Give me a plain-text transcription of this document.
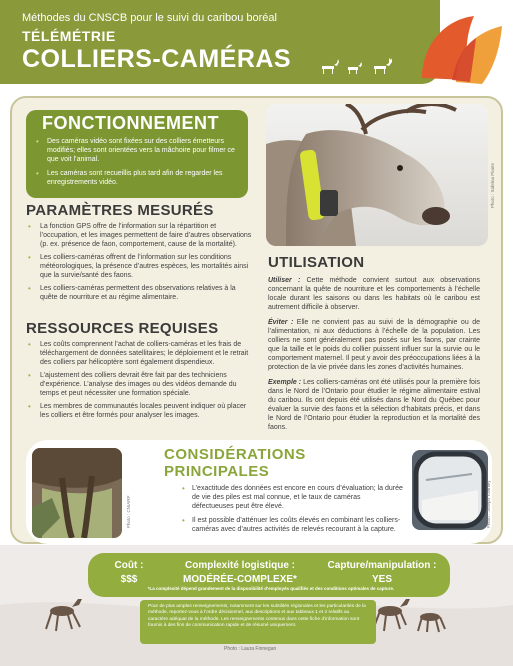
Méthodes du CNSCB pour le suivi du caribou boréal
TÉLÉMÉTRIE
COLLIERS-CAMÉRAS
FONCTIONNEMENT
• Des caméras vidéo sont fixées sur des colliers émetteurs modifiés; elles sont orientées vers la mâchoire pour filmer ce que voit l’animal.
• Les caméras sont recueillis plus tard afin de regarder les enregistrements vidéo.
PARAMÈTRES MESURÉS
• La fonction GPS offre de l’information sur la répartition et l’occupation, et les images permettent de faire d’autres observations (p. ex. présence de faon, comportement, cause de la mortalité).
• Les colliers-caméras offrent de l’information sur les conditions météorologiques, la présence d’autres espèces, les mortalités ainsi que la survie/santé des faons.
• Les colliers-caméras permettent des observations relatives à la quête de nourriture et au régime alimentaire.
RESSOURCES REQUISES
• Les coûts comprennent l’achat de colliers-caméras et les frais de téléchargement de données satellitaires; le déploiement et le retrait des colliers par hélicoptère sont également dispendieux.
• L’ajustement des colliers devrait être fait par des techniciens d’expérience. L’analyse des images ou des vidéos demande du temps et peut nécessiter une formation spéciale.
• Les membres de communautés locales peuvent indiquer où placer les colliers et être formés pour analyser les images.
Photo : Sabrina Plante
UTILISATION

Utiliser : Cette méthode convient surtout aux observations concernant la quête de nourriture et les comportements à l’échelle locale durant les saisons ou dans les habitats où le caribou est autrement difficile à observer.

Éviter : Elle ne convient pas au suivi de la démographie ou de l’alimentation, ni aux déductions à l’échelle de la population. Les colliers ne sont généralement pas posés sur les faons, par crainte que la taille et le poids du collier puissent influer sur la survie ou le comportement maternel. Il peut y avoir des préoccupations liées à la protection de la vie privée dans les zones d’activités humaines.

Exemple : Les colliers-caméras ont été utilisés pour la première fois dans le Nord de l’Ontario pour étudier le régime alimentaire estival du caribou. Ils ont depuis été utilisés dans le Nord du Québec pour évaluer la survie des faons et la sélection d’habitats précis, et dans le Nord de l’Ontario pour étudier la reproduction et la mortalité des faons.

Photo : CNIARP	Photo : Joseph Townley
CONSIDÉRATIONS
PRINCIPALES
• L’exactitude des données est encore en cours d’évaluation; la durée de vie des piles est mal connue, et le taux de caméras défectueuses peut être élevé.
• Il est possible d’atténuer les coûts élevés en combinant les colliers-caméras avec d’autres activités de relevés recourant à la capture.
Coût :
$$$
Complexité logistique :
MODÉRÉE-COMPLEXE*
Capture/manipulation :
YES
*La complexité dépend grandement de la disponibilité d’employés qualifiés et des conditions optimales de capture.
Pour de plus amples renseignements, notamment sur les subtilités régionales et les particularités de la méthode, reportez-vous à l’ordre décisionnel, aux descriptions et aux tableaux 1 et 2 relatifs au caractère adéquat de la méthode. Les renseignements contenus dans cette fiche d’information sont fournis à des fins de communication rapide et de résumé uniquement.
Photo : Laura Finnegan
